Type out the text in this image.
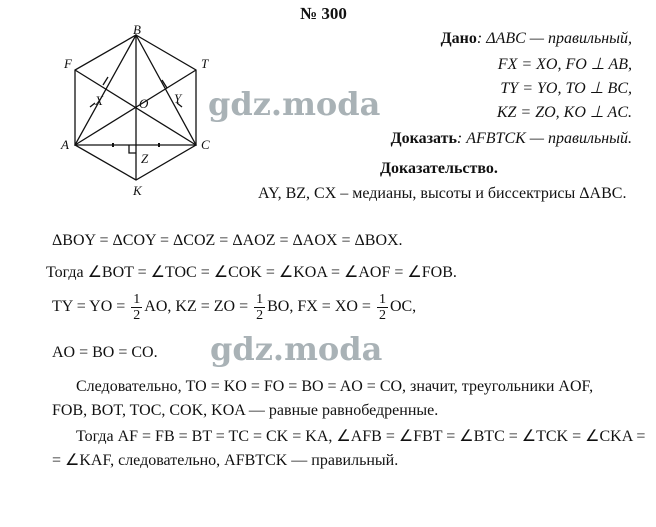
№ 300
B
T
F
X	O Y
A
Z
C
K
Дано: ΔABC — правильный,
FX = XO, FO ⊥ AB,
TY = YO, TO ⊥ BC,
KZ = ZO, KO ⊥ AC.
Доказать: AFBTCK — правильный.
Доказательство.
AY, BZ, CX – медианы, высоты и биссектрисы ΔABC.
gdz.moda
ΔBOY = ΔCOY = ΔCOZ = ΔAOZ = ΔAOX = ΔBOX.
Тогда ∠BOT = ∠TOC = ∠COK = ∠KOA = ∠AOF = ∠FOB.
TY = YO = $\frac{1}{2}$ AO, KZ = ZO = $\frac{1}{2}$ BO, FX = XO = $\frac{1}{2}$ OC,
AO = BO = CO. gdz.moda
Следовательно, TO = KO = FO = BO = AO = CO, значит, треугольники AOF,
FOB, BOT, TOC, COK, KOA — равные равнобедренные.
Тогда AF = FB = BT = TC = CK = KA, ∠AFB = ∠FBT = ∠BTC = ∠TCK = ∠CKA =
= ∠KAF, следовательно, AFBTCK — правильный.
